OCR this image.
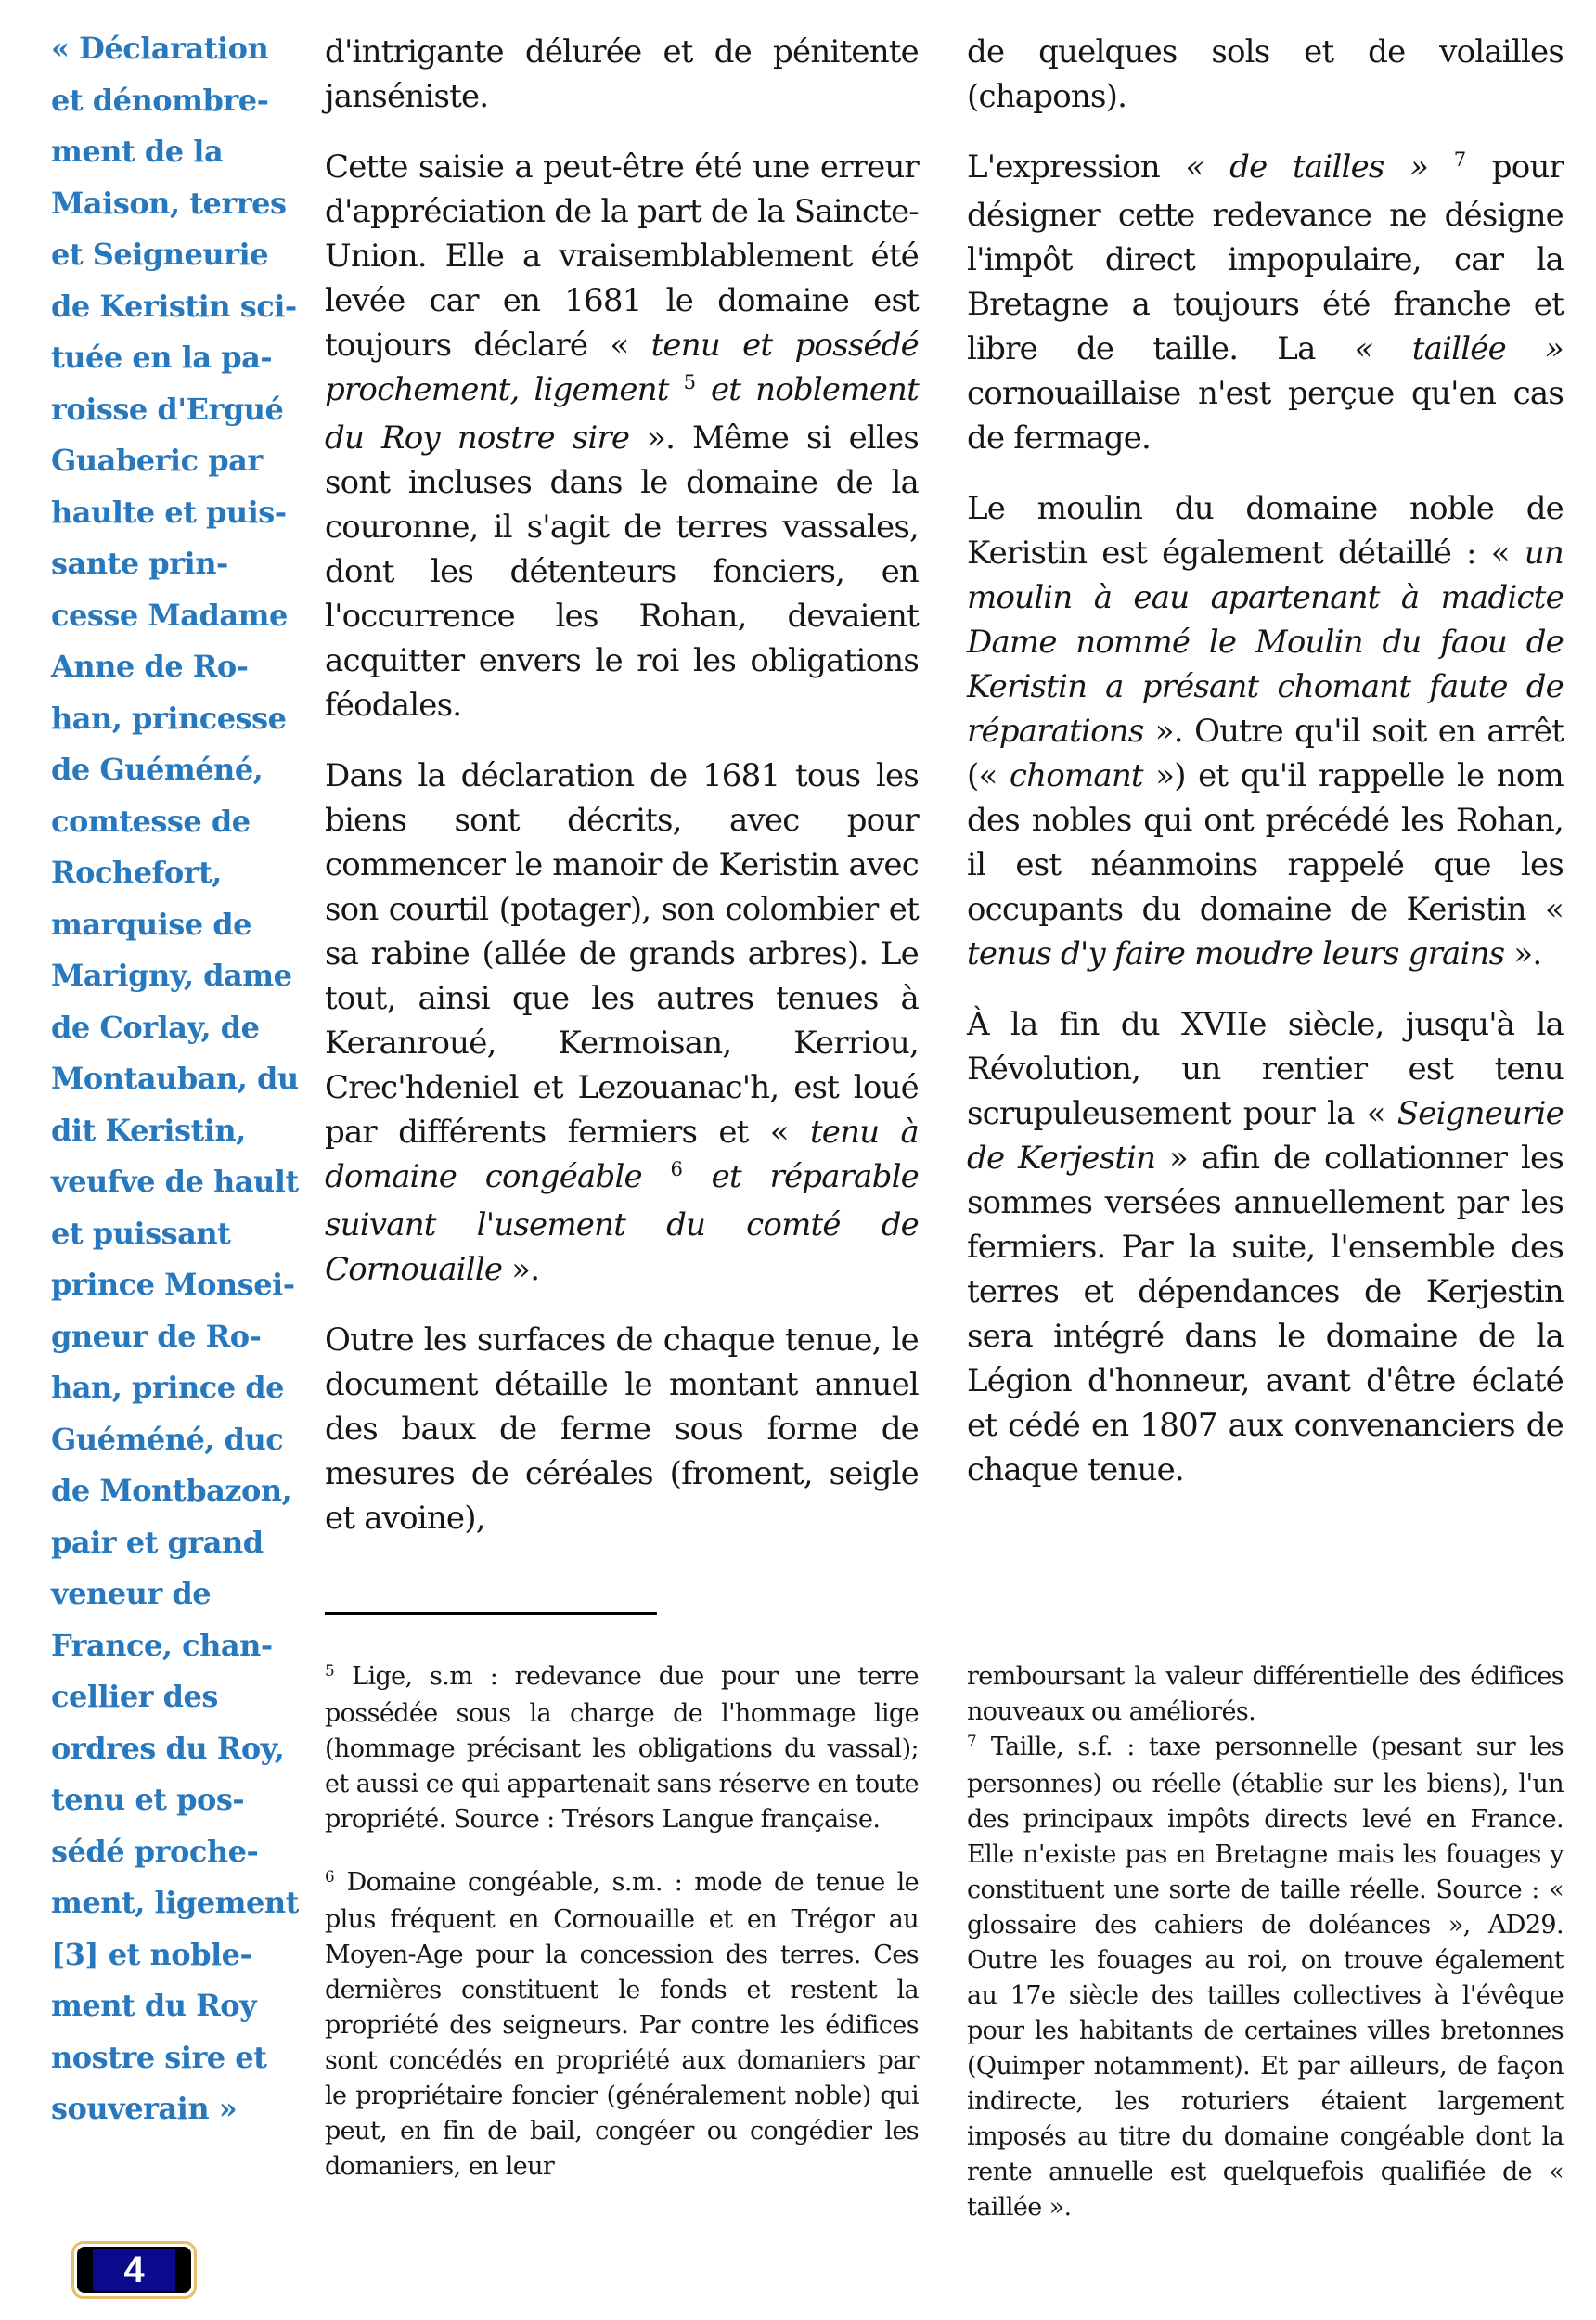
« Déclaration
et dénombre-
ment de la
Maison, terres
et Seigneurie
de Keristin sci-
tuée en la pa-
roisse d'Ergué
Guaberic par
haulte et puis-
sante prin-
cesse Madame
Anne de Ro-
han, princesse
de Guéméné,
comtesse de
Rochefort,
marquise de
Marigny, dame
de Corlay, de
Montauban, du
dit Keristin,
veufve de hault
et puissant
prince Monsei-
gneur de Ro-
han, prince de
Guéméné, duc
de Montbazon,
pair et grand
veneur de
France, chan-
cellier des
ordres du Roy,
tenu et pos-
sédé proche-
ment, ligement
[3] et noble-
ment du Roy
nostre sire et
souverain »

d'intrigante délurée et de pénitente janséniste.

Cette saisie a peut-être été une erreur d'appréciation de la part de la Saincte-Union. Elle a vraisemblablement été levée car en 1681 le domaine est toujours déclaré « tenu et possédé prochement, ligement $^5$ et noblement du Roy nostre sire ». Même si elles sont incluses dans le domaine de la couronne, il s'agit de terres vassales, dont les détenteurs fonciers, en l'occurrence les Rohan, devaient acquitter envers le roi les obligations féodales.

Dans la déclaration de 1681 tous les biens sont décrits, avec pour commencer le manoir de Keristin avec son courtil (potager), son colombier et sa rabine (allée de grands arbres). Le tout, ainsi que les autres tenues à Keranroué, Kermoisan, Kerriou, Crec'hdeniel et Lezouanac'h, est loué par différents fermiers et « tenu à domaine congéable $^6$ et réparable suivant l'usement du comté de Cornouaille ».

Outre les surfaces de chaque tenue, le document détaille le montant annuel des baux de ferme sous forme de mesures de céréales (froment, seigle et avoine),

de quelques sols et de volailles (chapons).

L'expression « de tailles » $^7$ pour désigner cette redevance ne désigne l'impôt direct impopulaire, car la Bretagne a toujours été franche et libre de taille. La « taillée » cornouaillaise n'est perçue qu'en cas de fermage.

Le moulin du domaine noble de Keristin est également détaillé : « un moulin à eau apartenant à madicte Dame nommé le Moulin du faou de Keristin a présant chomant faute de réparations ». Outre qu'il soit en arrêt (« chomant ») et qu'il rappelle le nom des nobles qui ont précédé les Rohan, il est néanmoins rappelé que les occupants du domaine de Keristin « tenus d'y faire moudre leurs grains ».

À la fin du XVIIe siècle, jusqu'à la Révolution, un rentier est tenu scrupuleusement pour la « Seigneurie de Kerjestin » afin de collationner les sommes versées annuellement par les fermiers. Par la suite, l'ensemble des terres et dépendances de Kerjestin sera intégré dans le domaine de la Légion d'honneur, avant d'être éclaté et cédé en 1807 aux convenanciers de chaque tenue.

$^5$ Lige, s.m : redevance due pour une terre possédée sous la charge de l'hommage lige (hommage précisant les obligations du vassal); et aussi ce qui appartenait sans réserve en toute propriété. Source : Trésors Langue française.

$^6$ Domaine congéable, s.m. : mode de tenue le plus fréquent en Cornouaille et en Trégor au Moyen-Age pour la concession des terres. Ces dernières constituent le fonds et restent la propriété des seigneurs. Par contre les édifices sont concédés en propriété aux domaniers par le propriétaire foncier (généralement noble) qui peut, en fin de bail, congéer ou congédier les domaniers, en leur

remboursant la valeur différentielle des édifices nouveaux ou améliorés.

$^7$ Taille, s.f. : taxe personnelle (pesant sur les personnes) ou réelle (établie sur les biens), l'un des principaux impôts directs levé en France. Elle n'existe pas en Bretagne mais les fouages y constituent une sorte de taille réelle. Source : « glossaire des cahiers de doléances », AD29. Outre les fouages au roi, on trouve également au 17e siècle des tailles collectives à l'évêque pour les habitants de certaines villes bretonnes (Quimper notamment). Et par ailleurs, de façon indirecte, les roturiers étaient largement imposés au titre du domaine congéable dont la rente annuelle est quelquefois qualifiée de « taillée ».

4
